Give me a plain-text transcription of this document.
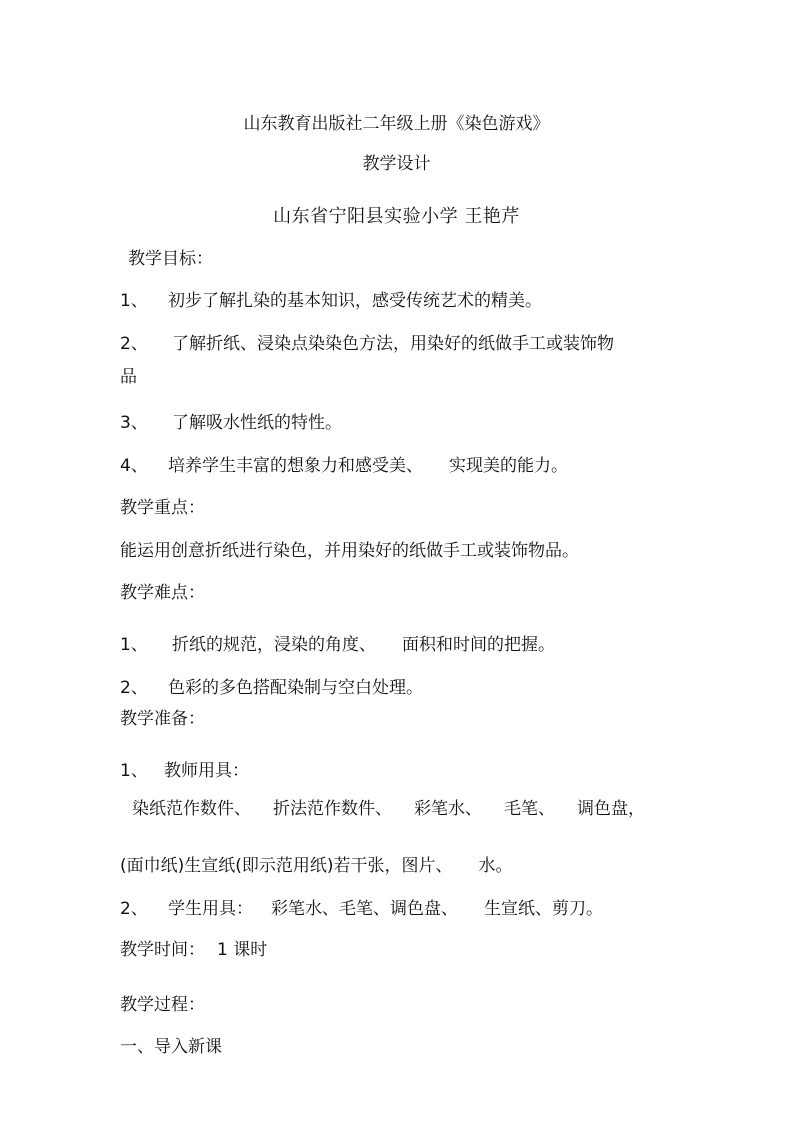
山东教育出版社二年级上册《染色游戏》
教学设计
山东省宁阳县实验小学 王艳芹
教学目标：
1、 初步了解扎染的基本知识，感受传统艺术的精美。
2、 了解折纸、浸染点染染色方法，用染好的纸做手工或装饰物
品
3、 了解吸水性纸的特性。
4、 培养学生丰富的想象力和感受美、 实现美的能力。
教学重点：
能运用创意折纸进行染色，并用染好的纸做手工或装饰物品。
教学难点：
1、 折纸的规范，浸染的角度、 面积和时间的把握。
2、 色彩的多色搭配染制与空白处理。
教学准备：
1、 教师用具：
染纸范作数件、 折法范作数件、 彩笔水、 毛笔、 调色盘，
(面巾纸)生宣纸(即示范用纸)若干张，图片、 水。
2、 学生用具： 彩笔水、毛笔、调色盘、 生宣纸、剪刀。
教学时间： 1 课时
教学过程：
一、导入新课
